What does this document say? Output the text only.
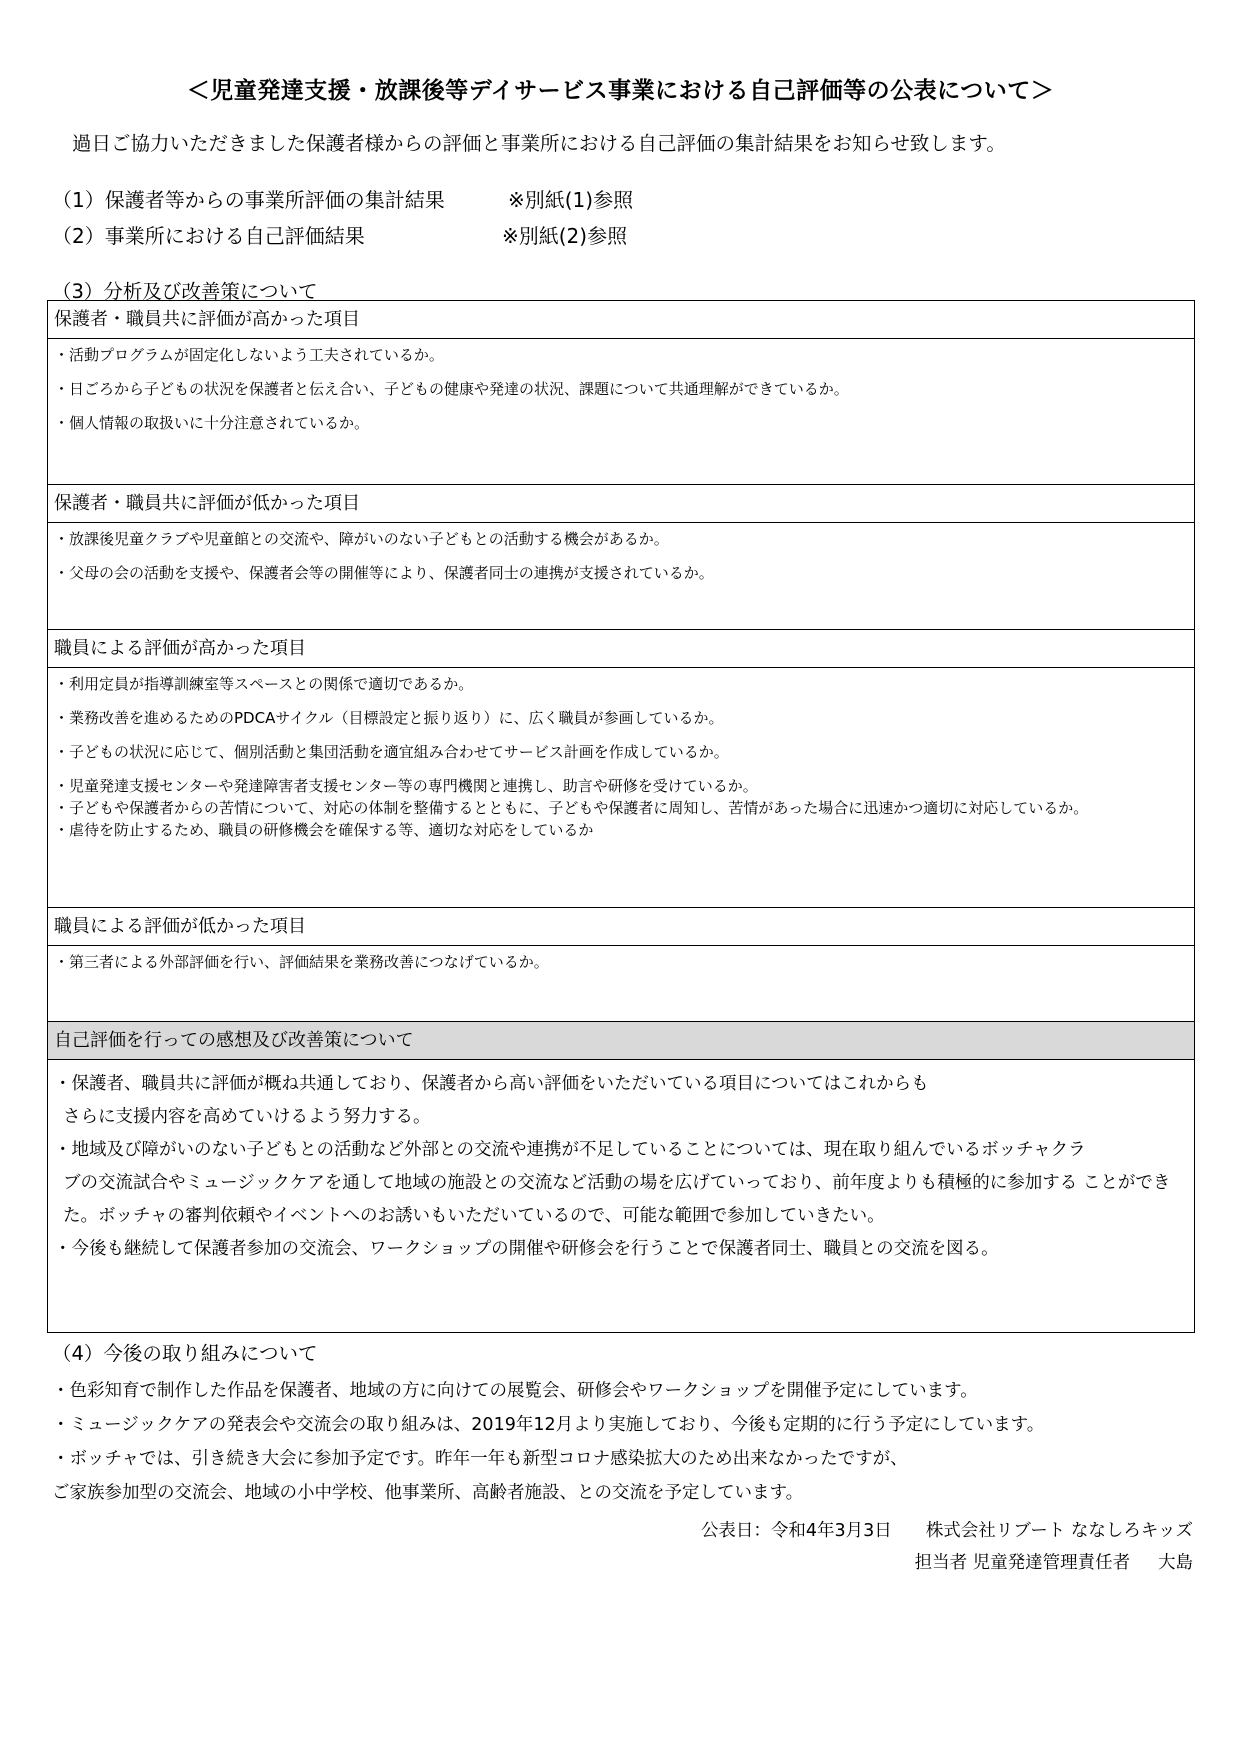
＜児童発達支援・放課後等デイサービス事業における自己評価等の公表について＞
過日ご協力いただきました保護者様からの評価と事業所における自己評価の集計結果をお知らせ致します。
（1）保護者等からの事業所評価の集計結果	※別紙(1)参照
（2）事業所における自己評価結果	※別紙(2)参照
（3）分析及び改善策について
保護者・職員共に評価が高かった項目
・活動プログラムが固定化しないよう工夫されているか。
・日ごろから子どもの状況を保護者と伝え合い、子どもの健康や発達の状況、課題について共通理解ができているか。
・個人情報の取扱いに十分注意されているか。
保護者・職員共に評価が低かった項目
・放課後児童クラブや児童館との交流や、障がいのない子どもとの活動する機会があるか。
・父母の会の活動を支援や、保護者会等の開催等により、保護者同士の連携が支援されているか。
職員による評価が高かった項目
・利用定員が指導訓練室等スペースとの関係で適切であるか。
・業務改善を進めるためのPDCAサイクル（目標設定と振り返り）に、広く職員が参画しているか。
・子どもの状況に応じて、個別活動と集団活動を適宜組み合わせてサービス計画を作成しているか。
・児童発達支援センターや発達障害者支援センター等の専門機関と連携し、助言や研修を受けているか。
・子どもや保護者からの苦情について、対応の体制を整備するとともに、子どもや保護者に周知し、苦情があった場合に迅速かつ適切に対応しているか。
・虐待を防止するため、職員の研修機会を確保する等、適切な対応をしているか
職員による評価が低かった項目
・第三者による外部評価を行い、評価結果を業務改善につなげているか。
自己評価を行っての感想及び改善策について
・保護者、職員共に評価が概ね共通しており、保護者から高い評価をいただいている項目についてはこれからも
さらに支援内容を高めていけるよう努力する。
・地域及び障がいのない子どもとの活動など外部との交流や連携が不足していることについては、現在取り組んでいるボッチャクラ
ブの交流試合やミュージックケアを通して地域の施設との交流など活動の場を広げていっており、前年度よりも積極的に参加する ことができた。ボッチャの審判依頼やイベントへのお誘いもいただいているので、可能な範囲で参加していきたい。
・今後も継続して保護者参加の交流会、ワークショップの開催や研修会を行うことで保護者同士、職員との交流を図る。
（4）今後の取り組みについて
・色彩知育で制作した作品を保護者、地域の方に向けての展覧会、研修会やワークショップを開催予定にしています。
・ミュージックケアの発表会や交流会の取り組みは、2019年12月より実施しており、今後も定期的に行う予定にしています。
・ボッチャでは、引き続き大会に参加予定です。昨年一年も新型コロナ感染拡大のため出来なかったですが、
ご家族参加型の交流会、地域の小中学校、他事業所、高齢者施設、との交流を予定しています。
公表日：令和4年3月3日 株式会社リブート ななしろキッズ
担当者 児童発達管理責任者 大島
